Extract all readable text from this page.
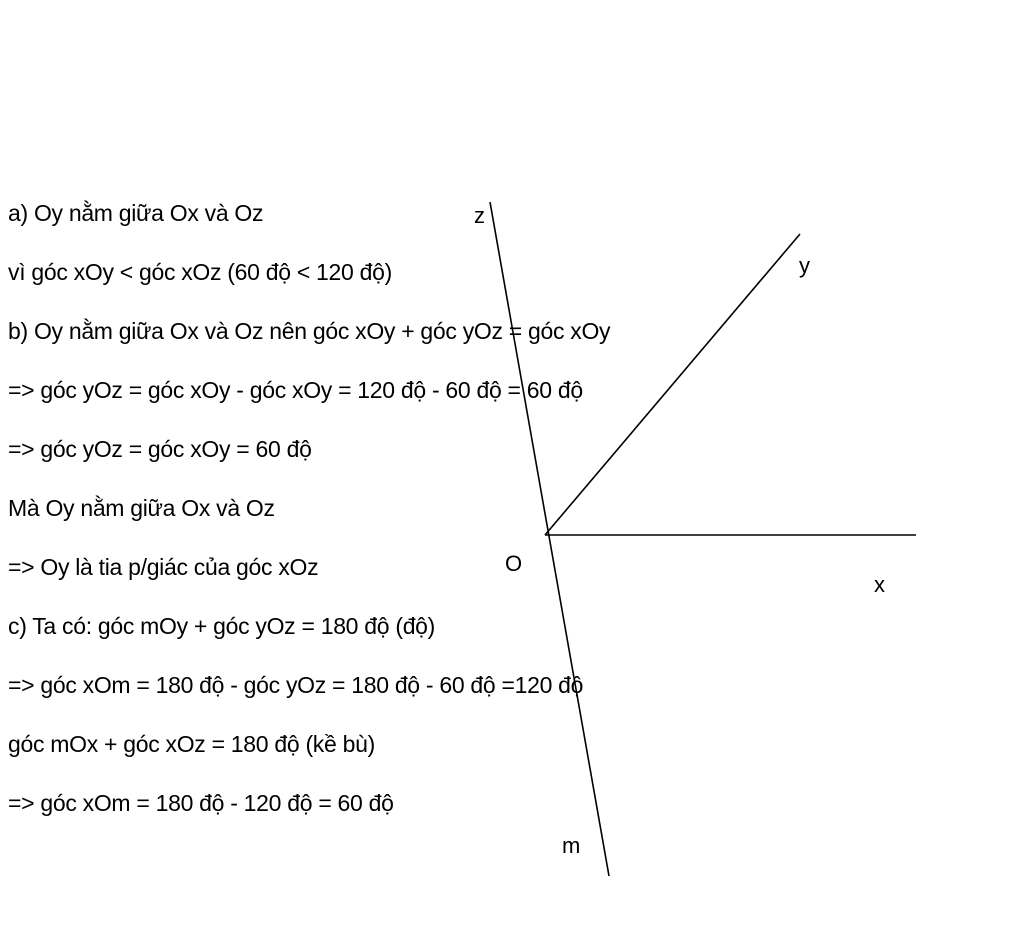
a) Oy nằm giữa Ox và Oz
vì góc xOy < góc xOz (60 độ < 120 độ)
b) Oy nằm giữa Ox và Oz nên góc xOy + góc yOz = góc xOy
=> góc yOz = góc xOy - góc xOy = 120 độ - 60 độ = 60 độ
=> góc yOz = góc xOy = 60 độ
Mà Oy nằm giữa Ox và Oz
=> Oy là tia p/giác của góc xOz
c) Ta có: góc mOy + góc yOz = 180 độ (độ)
=> góc xOm = 180 độ - góc yOz = 180 độ - 60 độ =120 độ
góc mOx + góc xOz = 180 độ (kề bù)
=> góc xOm = 180 độ - 120 độ = 60 độ
z
y
O
x
m
